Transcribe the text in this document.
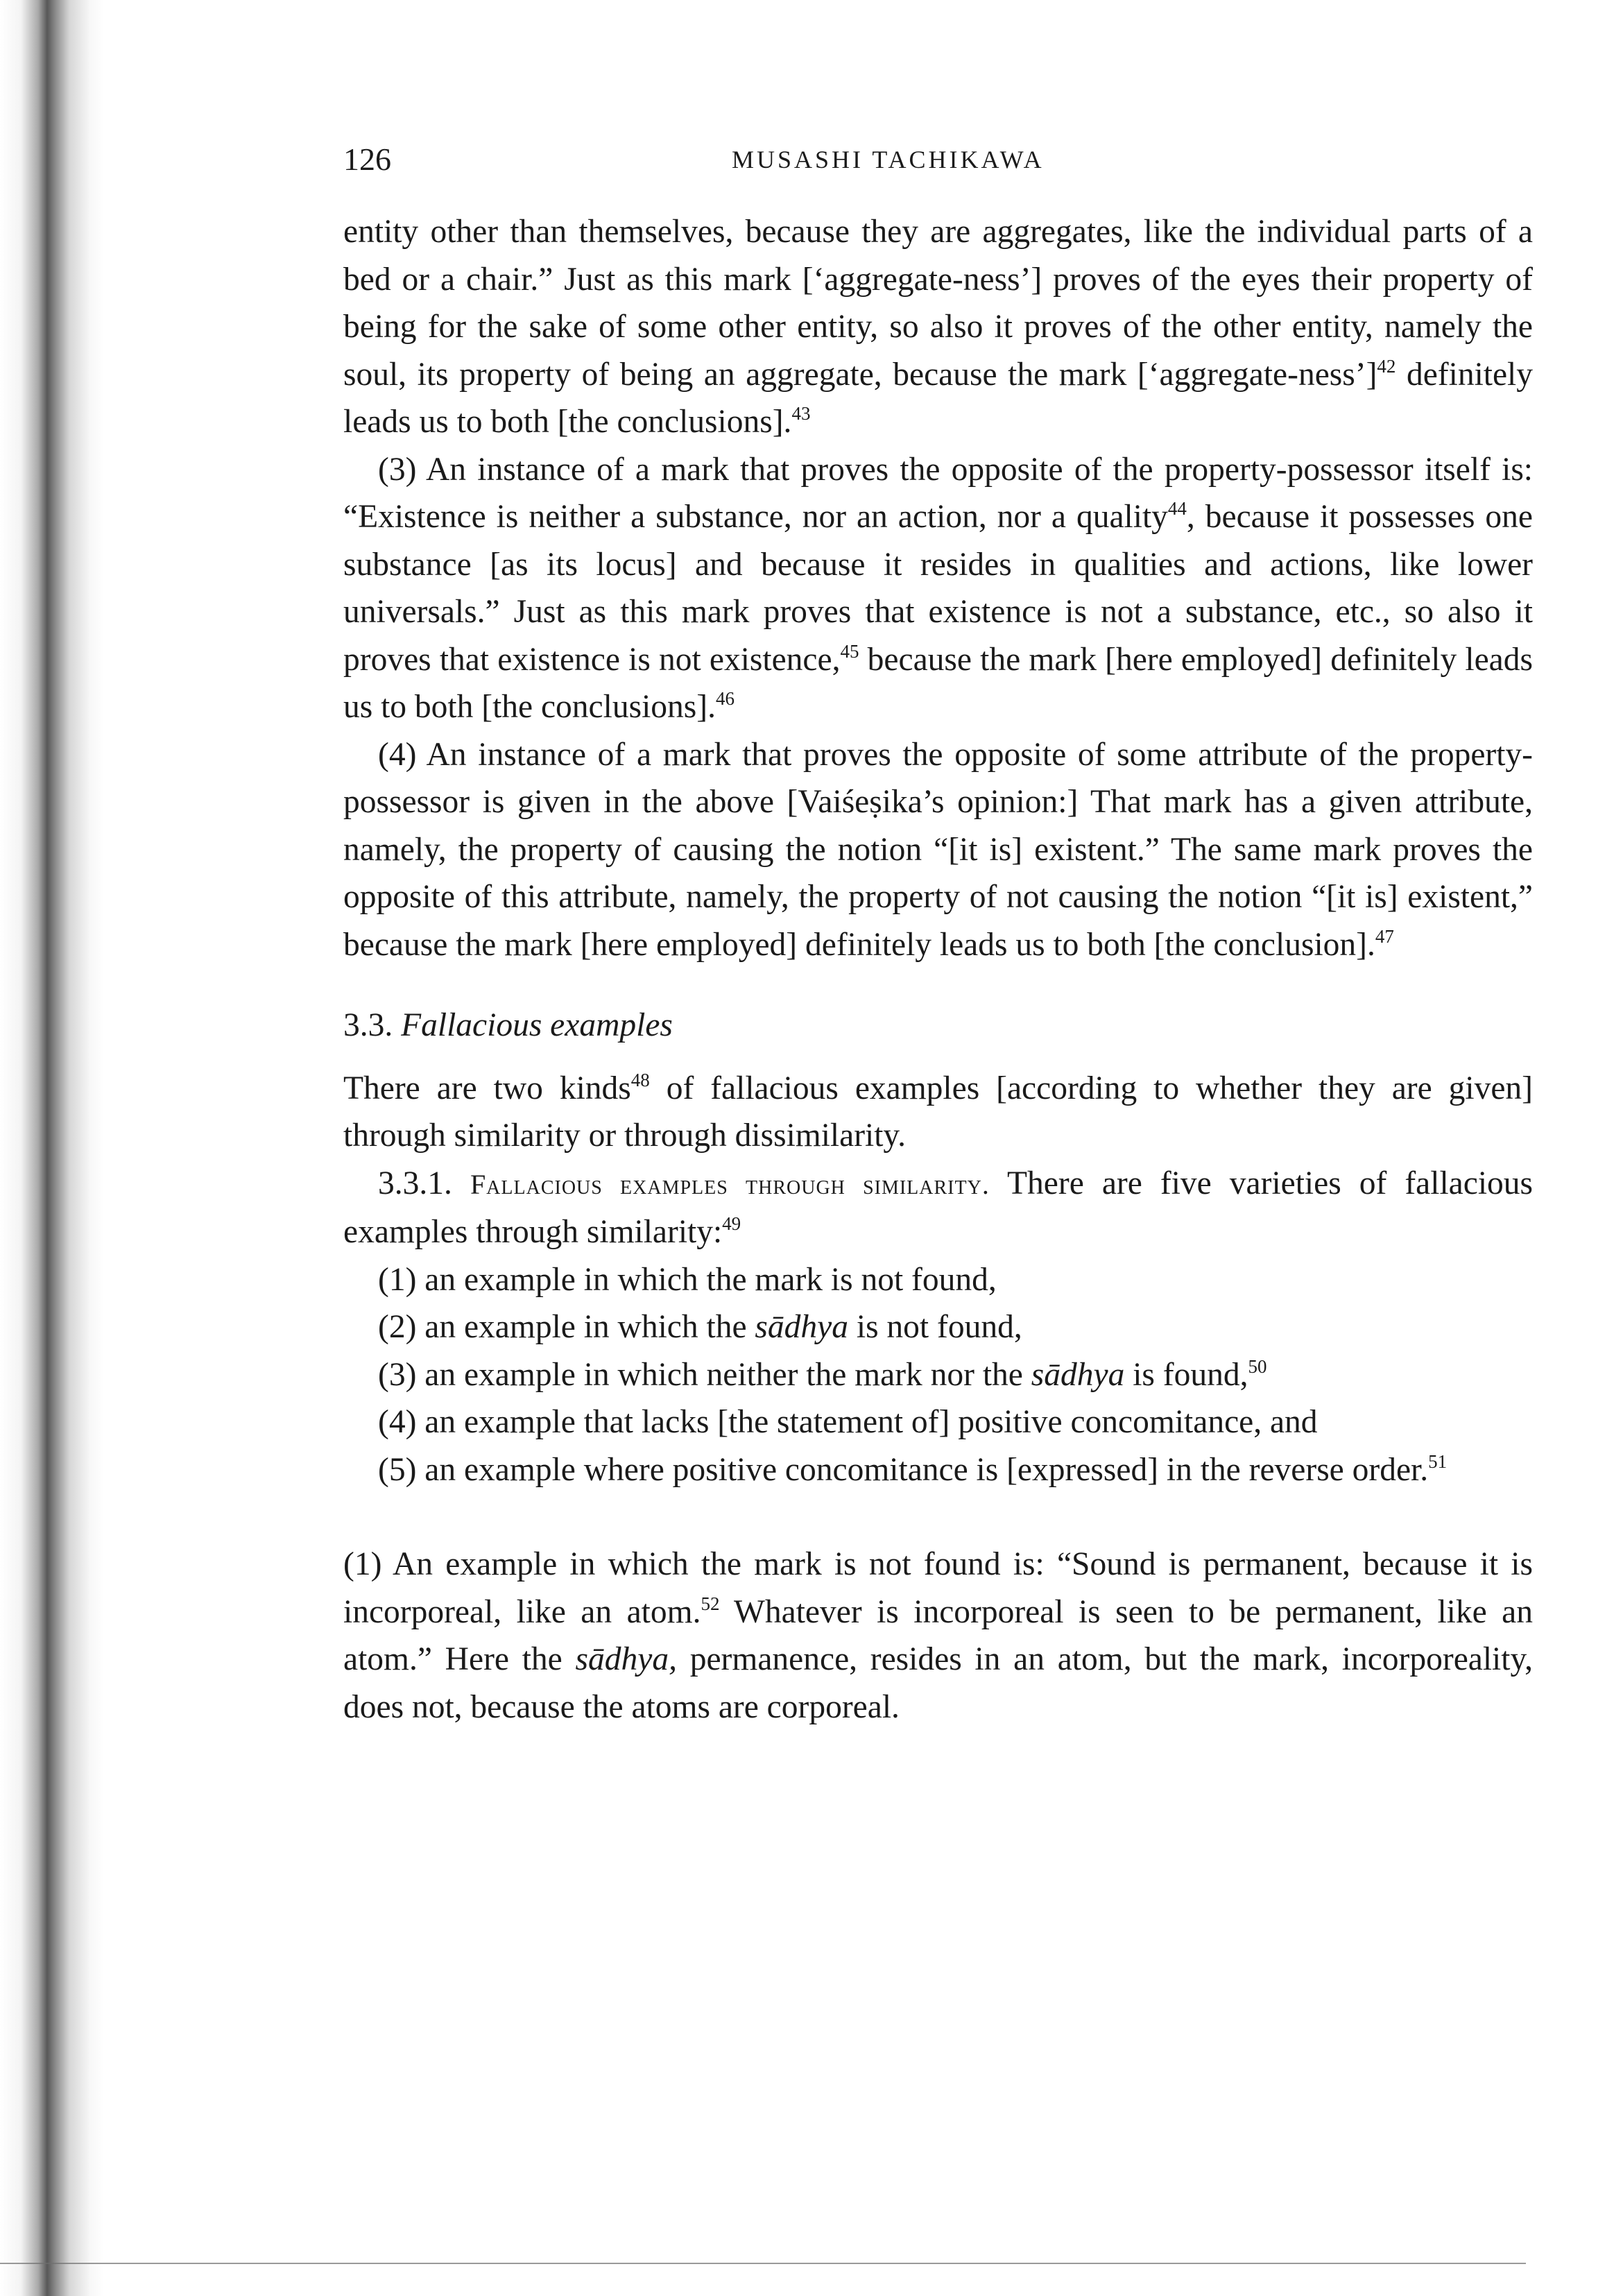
126	MUSASHI TACHIKAWA

entity other than themselves, because they are aggregates, like the individual parts of a bed or a chair.” Just as this mark [‘aggregate-ness’] proves of the eyes their property of being for the sake of some other entity, so also it proves of the other entity, namely the soul, its property of being an aggregate, because the mark [‘aggregate-ness’]$^{42}$ definitely leads us to both [the conclusions].$^{43}$

(3) An instance of a mark that proves the opposite of the property-possessor itself is: “Existence is neither a substance, nor an action, nor a quality$^{44}$, because it possesses one substance [as its locus] and because it resides in qualities and actions, like lower universals.” Just as this mark proves that existence is not a substance, etc., so also it proves that existence is not existence,$^{45}$ because the mark [here employed] definitely leads us to both [the conclusions].$^{46}$

(4) An instance of a mark that proves the opposite of some attribute of the property-possessor is given in the above [Vaiśeṣika’s opinion:] That mark has a given attribute, namely, the property of causing the notion “[it is] existent.” The same mark proves the opposite of this attribute, namely, the property of not causing the notion “[it is] existent,” because the mark [here employed] definitely leads us to both [the conclusion].$^{47}$

3.3. Fallacious examples

There are two kinds$^{48}$ of fallacious examples [according to whether they are given] through similarity or through dissimilarity.

3.3.1. Fallacious examples through similarity. There are five varieties of fallacious examples through similarity:$^{49}$

(1) an example in which the mark is not found,
(2) an example in which the sādhya is not found,
(3) an example in which neither the mark nor the sādhya is found,$^{50}$
(4) an example that lacks [the statement of] positive concomitance, and
(5) an example where positive concomitance is [expressed] in the reverse order.$^{51}$

(1) An example in which the mark is not found is: “Sound is permanent, because it is incorporeal, like an atom.$^{52}$ Whatever is incorporeal is seen to be permanent, like an atom.” Here the sādhya, permanence, resides in an atom, but the mark, incorporeality, does not, because the atoms are corporeal.
